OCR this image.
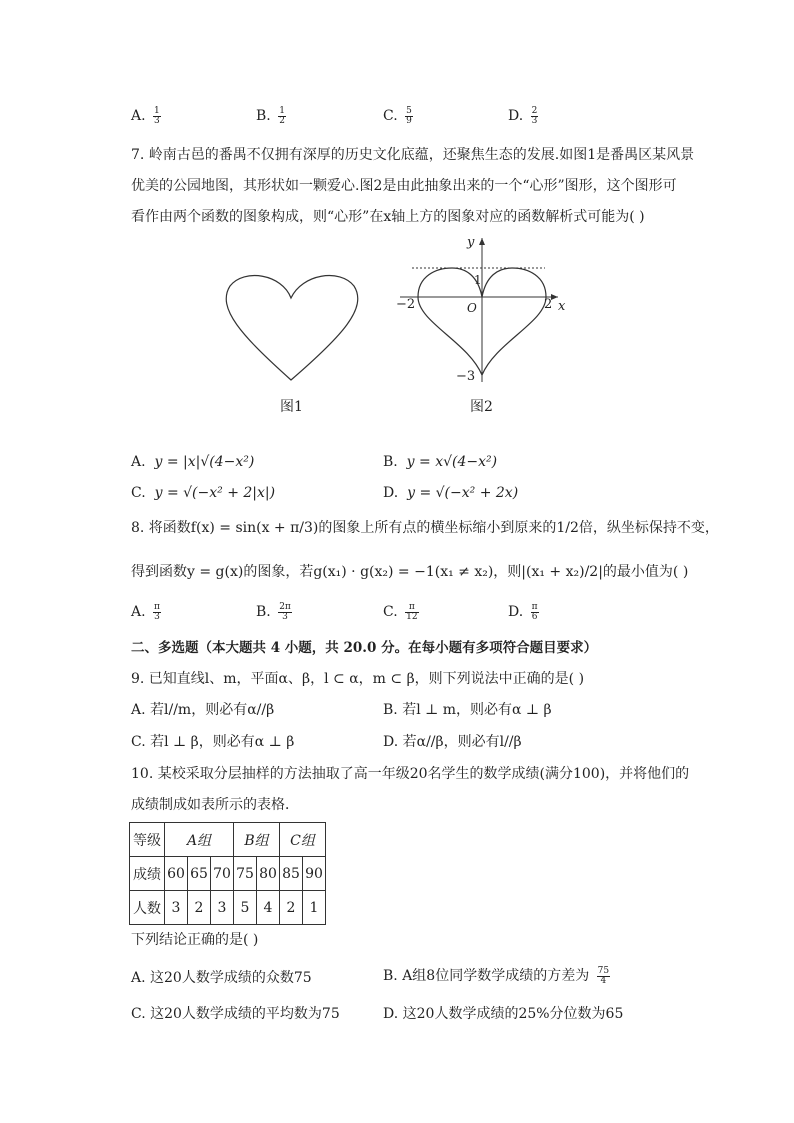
A. $\frac{1}{3}$	B. $\frac{1}{2}$	C. $\frac{5}{9}$	D. $\frac{2}{3}$
7. 岭南古邑的番禺不仅拥有深厚的历史文化底蕴，还聚焦生态的发展.如图1是番禺区某风景
优美的公园地图，其形状如一颗爱心.图2是由此抽象出来的一个“心形”图形，这个图形可
看作由两个函数的图象构成，则“心形”在x轴上方的图象对应的函数解析式可能为( )
图1
y
x
1
O
−2	2
−3
图2
A. y = |x|√(4−x²)	B. y = x√(4−x²)
C. y = √(−x² + 2|x|)	D. y = √(−x² + 2x)
8. 将函数f(x) = sin(x + π/3)的图象上所有点的横坐标缩小到原来的1/2倍，纵坐标保持不变，
得到函数y = g(x)的图象，若g(x₁) · g(x₂) = −1(x₁ ≠ x₂)，则|(x₁ + x₂)/2|的最小值为( )
A. $\frac{\pi}{3}$	B. $\frac{2\pi}{3}$	C. $\frac{\pi}{12}$	D. $\frac{\pi}{6}$
二、多选题（本大题共 4 小题，共 20.0 分。在每小题有多项符合题目要求）
9. 已知直线l、m，平面α、β，l ⊂ α，m ⊂ β，则下列说法中正确的是( )
A. 若l//m，则必有α//β	B. 若l ⊥ m，则必有α ⊥ β
C. 若l ⊥ β，则必有α ⊥ β	D. 若α//β，则必有l//β
10. 某校采取分层抽样的方法抽取了高一年级20名学生的数学成绩(满分100)，并将他们的
成绩制成如表所示的表格．
等级	A组			B组		C组	
成绩	60	65	70	75	80	85	90
人数	3	2	3	5	4	2	1
下列结论正确的是( )
A. 这20人数学成绩的众数75	B. A组8位同学数学成绩的方差为 $\frac{75}{4}$
C. 这20人数学成绩的平均数为75	D. 这20人数学成绩的25%分位数为65
